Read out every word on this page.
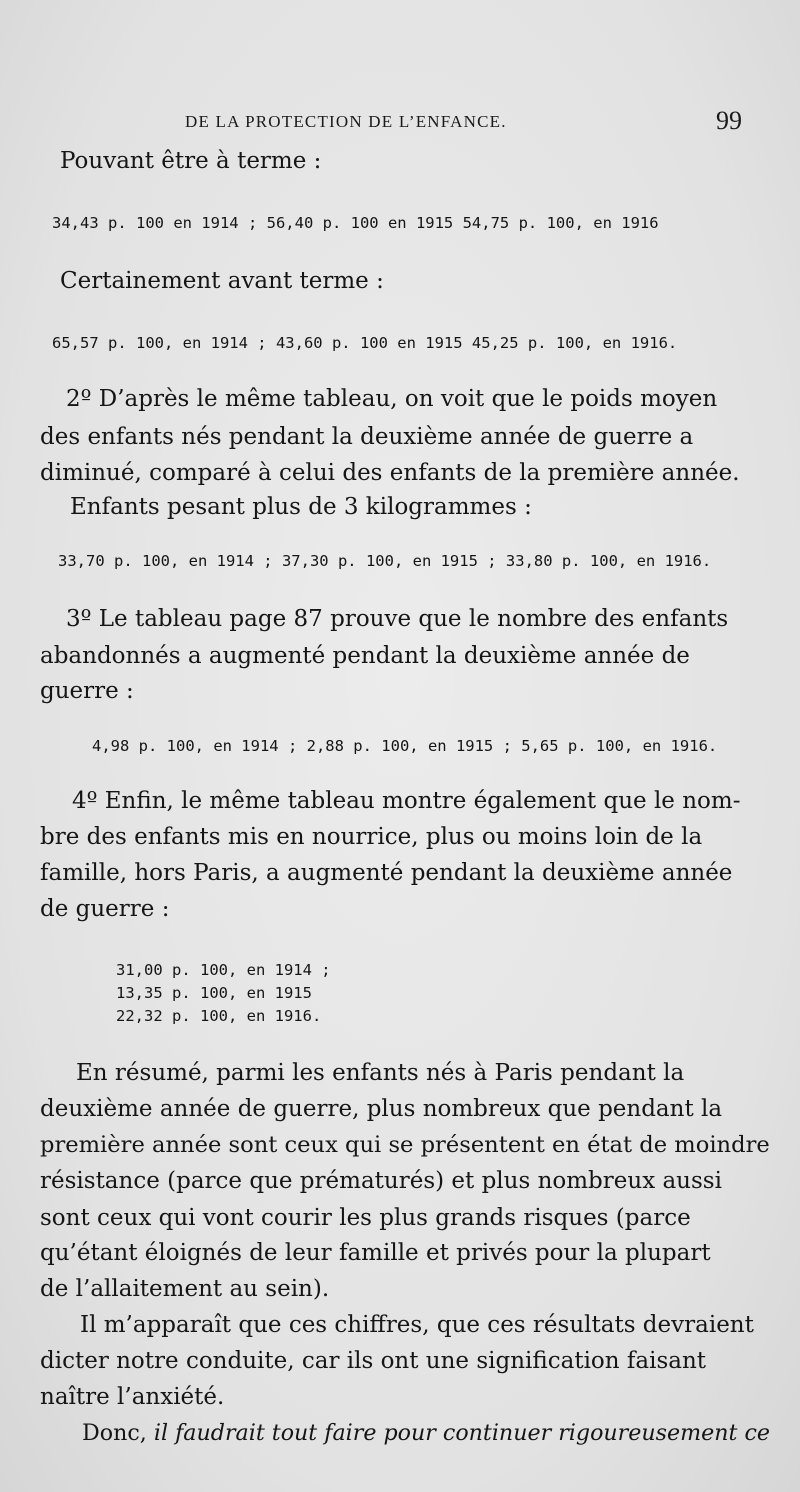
DE LA PROTECTION DE L’ENFANCE.	99
Pouvant être à terme :
34,43 p. 100 en 1914 ; 56,40 p. 100 en 1915 54,75 p. 100, en 1916
Certainement avant terme :
65,57 p. 100, en 1914 ; 43,60 p. 100 en 1915 45,25 p. 100, en 1916.
2º D’après le même tableau, on voit que le poids moyen
des enfants nés pendant la deuxième année de guerre a
diminué, comparé à celui des enfants de la première année.
Enfants pesant plus de 3 kilogrammes :
33,70 p. 100, en 1914 ; 37,30 p. 100, en 1915 ; 33,80 p. 100, en 1916.
3º Le tableau page 87 prouve que le nombre des enfants
abandonnés a augmenté pendant la deuxième année de
guerre :
4,98 p. 100, en 1914 ; 2,88 p. 100, en 1915 ; 5,65 p. 100, en 1916.
4º Enfin, le même tableau montre également que le nom-
bre des enfants mis en nourrice, plus ou moins loin de la
famille, hors Paris, a augmenté pendant la deuxième année
de guerre :
31,00 p. 100, en 1914 ;
13,35 p. 100, en 1915
22,32 p. 100, en 1916.
En résumé, parmi les enfants nés à Paris pendant la
deuxième année de guerre, plus nombreux que pendant la
première année sont ceux qui se présentent en état de moindre
résistance (parce que prématurés) et plus nombreux aussi
sont ceux qui vont courir les plus grands risques (parce
qu’étant éloignés de leur famille et privés pour la plupart
de l’allaitement au sein).
Il m’apparaît que ces chiffres, que ces résultats devraient
dicter notre conduite, car ils ont une signification faisant
naître l’anxiété.
Donc, il faudrait tout faire pour continuer rigoureusement ce
